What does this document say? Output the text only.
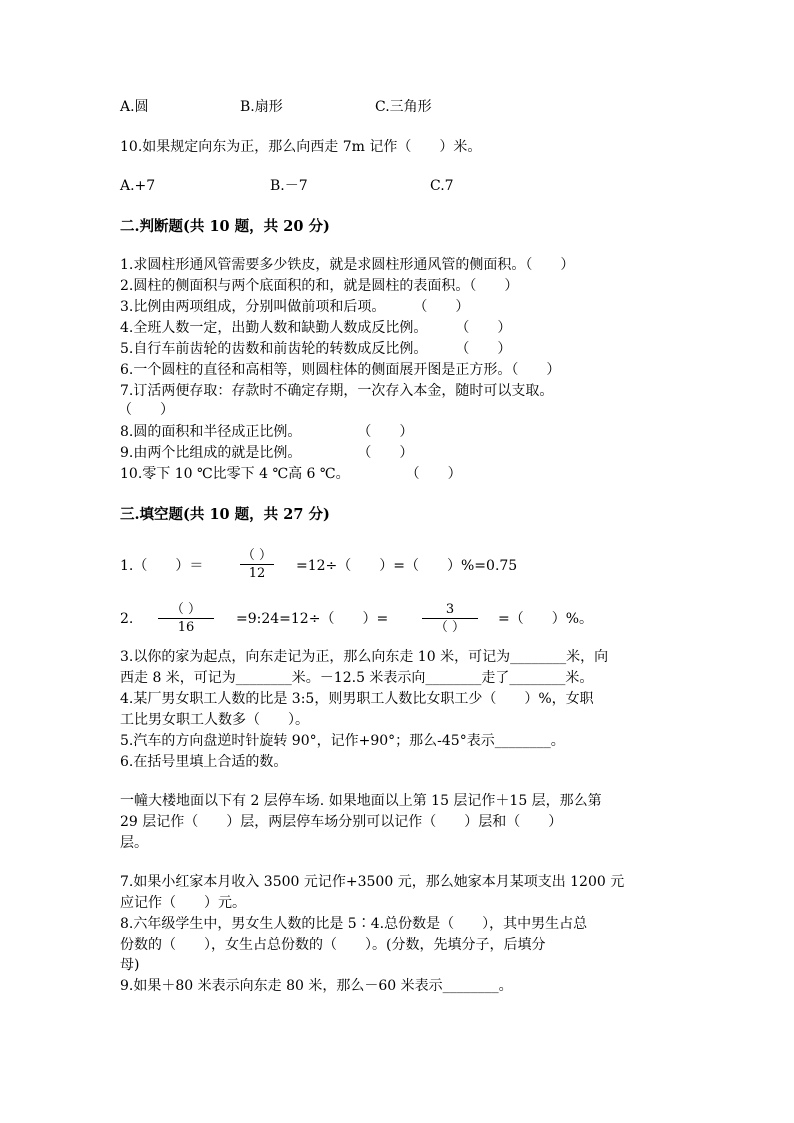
A.圆	B.扇形	C.三角形
10.如果规定向东为正，那么向西走 7m 记作（　　）米。
A.+7	B.－7	C.7
二.判断题(共 10 题，共 20 分)
1.求圆柱形通风管需要多少铁皮，就是求圆柱形通风管的侧面积。（　　）
2.圆柱的侧面积与两个底面积的和，就是圆柱的表面积。（　　）
3.比例由两项组成，分别叫做前项和后项。　　　（　　）
4.全班人数一定，出勤人数和缺勤人数成反比例。　　　（　　）
5.自行车前齿轮的齿数和前齿轮的转数成反比例。　　　（　　）
6.一个圆柱的直径和高相等，则圆柱体的侧面展开图是正方形。（　　）
7.订活两便存取：存款时不确定存期，一次存入本金，随时可以支取。
（　　）
8.圆的面积和半径成正比例。　　　　　（　　）
9.由两个比组成的就是比例。　　　　　（　　）
10.零下 10 ℃比零下 4 ℃高 6 ℃。　　　　　（　　）
三.填空题(共 10 题，共 27 分)
1.（　　）＝
（ ）
12	=12÷（　　）=（　　）%=0.75
2.
（ ）
16
=9:24=12÷（　　）=
3
（ ）
=（　　）%。
3.以你的家为起点，向东走记为正，那么向东走 10 米，可记为________米，向
西走 8 米，可记为________米。－12.5 米表示向________走了________米。
4.某厂男女职工人数的比是 3:5，则男职工人数比女职工少（　　）%，女职
工比男女职工人数多（　　）。
5.汽车的方向盘逆时针旋转 90°，记作+90°；那么-45°表示________。
6.在括号里填上合适的数。
一幢大楼地面以下有 2 层停车场. 如果地面以上第 15 层记作＋15 层，那么第
29 层记作（　　）层，两层停车场分别可以记作（　　）层和（　　）
层。
7.如果小红家本月收入 3500 元记作+3500 元，那么她家本月某项支出 1200 元
应记作（　　）元。
8.六年级学生中，男女生人数的比是 5∶4.总份数是（　　），其中男生占总
份数的（　　），女生占总份数的（　　）。(分数，先填分子，后填分
母)
9.如果＋80 米表示向东走 80 米，那么－60 米表示________。
